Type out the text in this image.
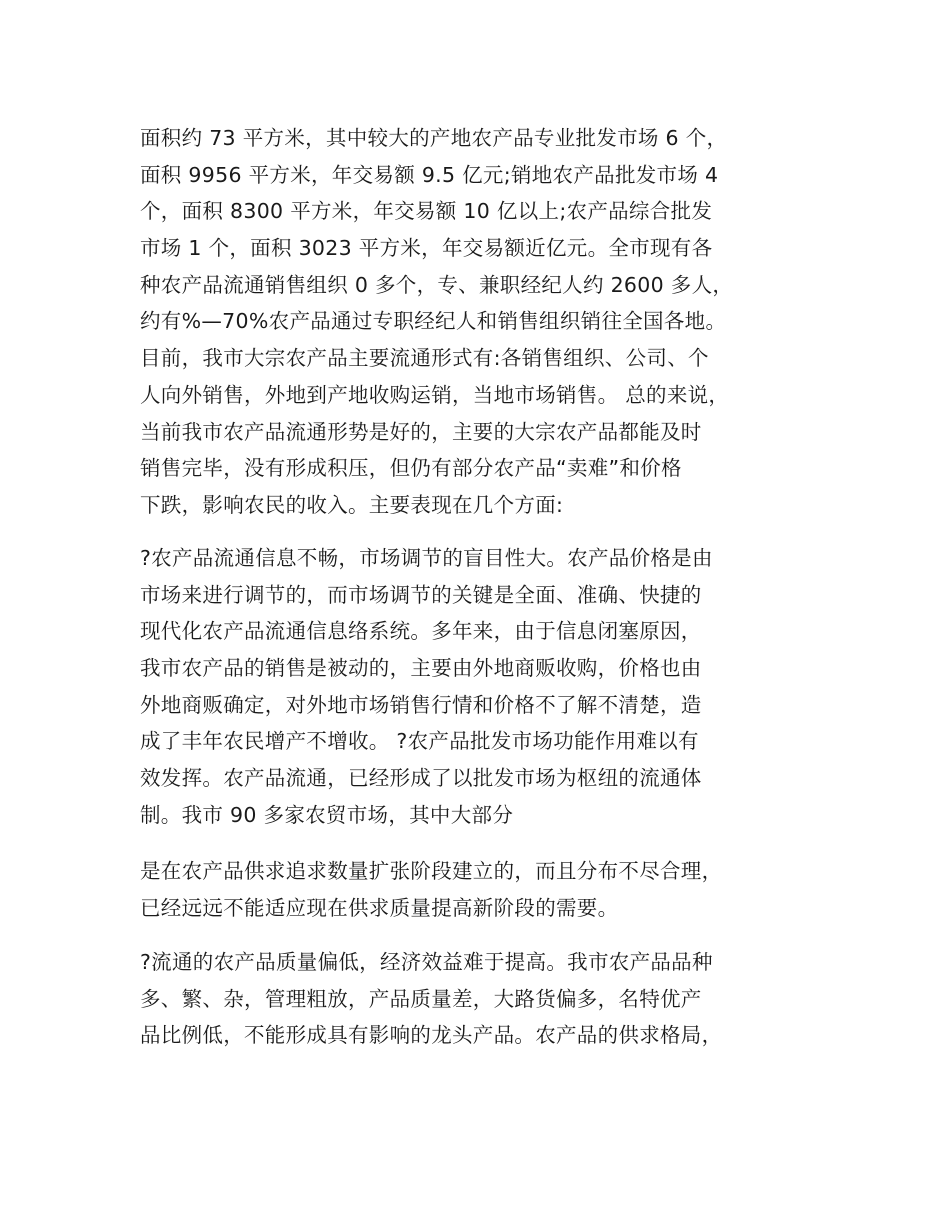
面积约 73 平方米，其中较大的产地农产品专业批发市场 6 个，
面积 9956 平方米，年交易额 9.5 亿元;销地农产品批发市场 4
个，面积 8300 平方米，年交易额 10 亿以上;农产品综合批发
市场 1 个，面积 3023 平方米，年交易额近亿元。全市现有各
种农产品流通销售组织 0 多个，专、兼职经纪人约 2600 多人，
约有%—70%农产品通过专职经纪人和销售组织销往全国各地。
目前，我市大宗农产品主要流通形式有:各销售组织、公司、个
人向外销售，外地到产地收购运销，当地市场销售。 总的来说，
当前我市农产品流通形势是好的，主要的大宗农产品都能及时
销售完毕，没有形成积压，但仍有部分农产品“卖难”和价格
下跌，影响农民的收入。主要表现在几个方面:
?农产品流通信息不畅，市场调节的盲目性大。农产品价格是由
市场来进行调节的，而市场调节的关键是全面、准确、快捷的
现代化农产品流通信息络系统。多年来，由于信息闭塞原因，
我市农产品的销售是被动的，主要由外地商贩收购，价格也由
外地商贩确定，对外地市场销售行情和价格不了解不清楚，造
成了丰年农民增产不增收。 ?农产品批发市场功能作用难以有
效发挥。农产品流通，已经形成了以批发市场为枢纽的流通体
制。我市 90 多家农贸市场，其中大部分
是在农产品供求追求数量扩张阶段建立的，而且分布不尽合理，
已经远远不能适应现在供求质量提高新阶段的需要。
?流通的农产品质量偏低，经济效益难于提高。我市农产品品种
多、繁、杂，管理粗放，产品质量差，大路货偏多，名特优产
品比例低，不能形成具有影响的龙头产品。农产品的供求格局，
